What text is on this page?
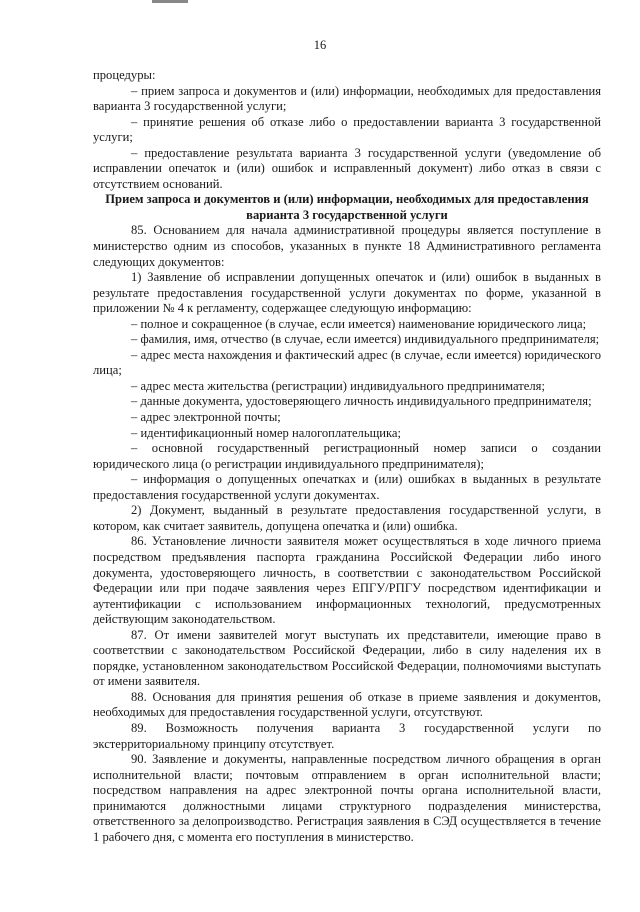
16

процедуры:

– прием запроса и документов и (или) информации, необходимых для предоставления варианта 3 государственной услуги;

– принятие решения об отказе либо о предоставлении варианта 3 государственной услуги;

– предоставление результата варианта 3 государственной услуги (уведомление об исправлении опечаток и (или) ошибок и исправленный документ) либо отказ в связи с отсутствием оснований.

Прием запроса и документов и (или) информации, необходимых для предоставления варианта 3 государственной услуги

85. Основанием для начала административной процедуры является поступление в министерство одним из способов, указанных в пункте 18 Административного регламента следующих документов:

1) Заявление об исправлении допущенных опечаток и (или) ошибок в выданных в результате предоставления государственной услуги документах по форме, указанной в приложении № 4 к регламенту, содержащее следующую информацию:

– полное и сокращенное (в случае, если имеется) наименование юридического лица;

– фамилия, имя, отчество (в случае, если имеется) индивидуального предпринимателя;

– адрес места нахождения и фактический адрес (в случае, если имеется) юридического лица;

– адрес места жительства (регистрации) индивидуального предпринимателя;

– данные документа, удостоверяющего личность индивидуального предпринимателя;

– адрес электронной почты;

– идентификационный номер налогоплательщика;

– основной государственный регистрационный номер записи о создании юридического лица (о регистрации индивидуального предпринимателя);

– информация о допущенных опечатках и (или) ошибках в выданных в результате предоставления государственной услуги документах.

2) Документ, выданный в результате предоставления государственной услуги, в котором, как считает заявитель, допущена опечатка и (или) ошибка.

86. Установление личности заявителя может осуществляться в ходе личного приема посредством предъявления паспорта гражданина Российской Федерации либо иного документа, удостоверяющего личность, в соответствии с законодательством Российской Федерации или при подаче заявления через ЕПГУ/РПГУ посредством идентификации и аутентификации с использованием информационных технологий, предусмотренных действующим законодательством.

87. От имени заявителей могут выступать их представители, имеющие право в соответствии с законодательством Российской Федерации, либо в силу наделения их в порядке, установленном законодательством Российской Федерации, полномочиями выступать от имени заявителя.

88. Основания для принятия решения об отказе в приеме заявления и документов, необходимых для предоставления государственной услуги, отсутствуют.

89. Возможность получения варианта 3 государственной услуги по экстерриториальному принципу отсутствует.

90. Заявление и документы, направленные посредством личного обращения в орган исполнительной власти; почтовым отправлением в орган исполнительной власти; посредством направления на адрес электронной почты органа исполнительной власти, принимаются должностными лицами структурного подразделения министерства, ответственного за делопроизводство. Регистрация заявления в СЭД осуществляется в течение 1 рабочего дня, с момента его поступления в министерство.
